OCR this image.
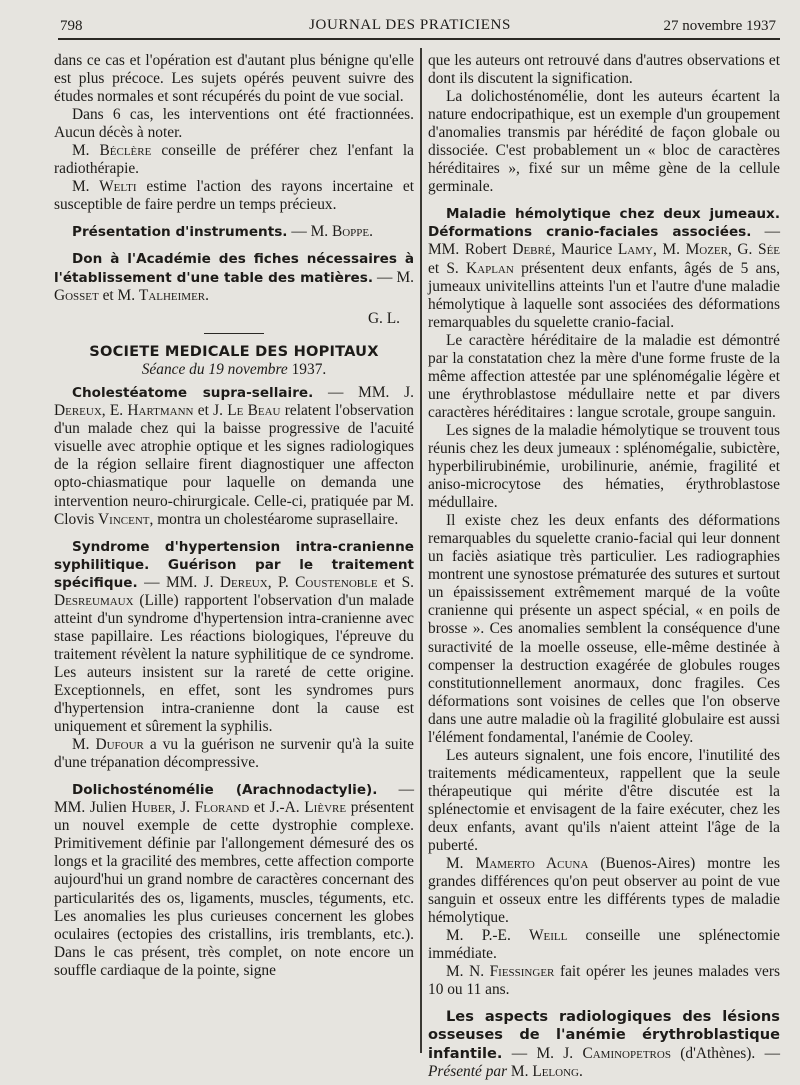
798	JOURNAL DES PRATICIENS	27 novembre 1937

dans ce cas et l'opération est d'autant plus bénigne qu'elle est plus précoce. Les sujets opérés peuvent suivre des études normales et sont récupérés du point de vue social.

Dans 6 cas, les interventions ont été fractionnées. Aucun décès à noter.

M. Béclère conseille de préférer chez l'enfant la radiothérapie.

M. Welti estime l'action des rayons incertaine et susceptible de faire perdre un temps précieux.

Présentation d'instruments. — M. Boppe.

Don à l'Académie des fiches nécessaires à l'établissement d'une table des matières. — M. Gosset et M. Talheimer.

G. L.

SOCIETE MEDICALE DES HOPITAUX

Séance du 19 novembre 1937.

Cholestéatome supra-sellaire. — MM. J. Dereux, E. Hartmann et J. Le Beau relatent l'observation d'un malade chez qui la baisse progressive de l'acuité visuelle avec atrophie optique et les signes radiologiques de la région sellaire firent diagnostiquer une affecton opto-chiasmatique pour laquelle on demanda une intervention neuro-chirurgicale. Celle-ci, pratiquée par M. Clovis Vincent, montra un cholestéarome suprasellaire.

Syndrome d'hypertension intra-cranienne syphilitique. Guérison par le traitement spécifique. — MM. J. Dereux, P. Coustenoble et S. Desreumaux (Lille) rapportent l'observation d'un malade atteint d'un syndrome d'hypertension intra-cranienne avec stase papillaire. Les réactions biologiques, l'épreuve du traitement révèlent la nature syphilitique de ce syndrome. Les auteurs insistent sur la rareté de cette origine. Exceptionnels, en effet, sont les syndromes purs d'hypertension intra-cranienne dont la cause est uniquement et sûrement la syphilis.

M. Dufour a vu la guérison ne survenir qu'à la suite d'une trépanation décompressive.

Dolichosténomélie (Arachnodactylie). — MM. Julien Huber, J. Florand et J.-A. Lièvre présentent un nouvel exemple de cette dystrophie complexe. Primitivement définie par l'allongement démesuré des os longs et la gracilité des membres, cette affection comporte aujourd'hui un grand nombre de caractères concernant des particularités des os, ligaments, muscles, téguments, etc. Les anomalies les plus curieuses concernent les globes oculaires (ectopies des cristallins, iris tremblants, etc.). Dans le cas présent, très complet, on note encore un souffle cardiaque de la pointe, signe

que les auteurs ont retrouvé dans d'autres observations et dont ils discutent la signification.

La dolichosténomélie, dont les auteurs écartent la nature endocripathique, est un exemple d'un groupement d'anomalies transmis par hérédité de façon globale ou dissociée. C'est probablement un « bloc de caractères héréditaires », fixé sur un même gène de la cellule germinale.

Maladie hémolytique chez deux jumeaux. Déformations cranio-faciales associées. — MM. Robert Debré, Maurice Lamy, M. Mozer, G. Sée et S. Kaplan présentent deux enfants, âgés de 5 ans, jumeaux univitellins atteints l'un et l'autre d'une maladie hémolytique à laquelle sont associées des déformations remarquables du squelette cranio-facial.

Le caractère héréditaire de la maladie est démontré par la constatation chez la mère d'une forme fruste de la même affection attestée par une splénomégalie légère et une érythroblastose médullaire nette et par divers caractères héréditaires : langue scrotale, groupe sanguin.

Les signes de la maladie hémolytique se trouvent tous réunis chez les deux jumeaux : splénomégalie, subictère, hyperbilirubinémie, urobilinurie, anémie, fragilité et aniso-microcytose des hématies, érythroblastose médullaire.

Il existe chez les deux enfants des déformations remarquables du squelette cranio-facial qui leur donnent un faciès asiatique très particulier. Les radiographies montrent une synostose prématurée des sutures et surtout un épaississement extrêmement marqué de la voûte cranienne qui présente un aspect spécial, « en poils de brosse ». Ces anomalies semblent la conséquence d'une suractivité de la moelle osseuse, elle-même destinée à compenser la destruction exagérée de globules rouges constitutionnellement anormaux, donc fragiles. Ces déformations sont voisines de celles que l'on observe dans une autre maladie où la fragilité globulaire est aussi l'élément fondamental, l'anémie de Cooley.

Les auteurs signalent, une fois encore, l'inutilité des traitements médicamenteux, rappellent que la seule thérapeutique qui mérite d'être discutée est la splénectomie et envisagent de la faire exécuter, chez les deux enfants, avant qu'ils n'aient atteint l'âge de la puberté.

M. Mamerto Acuna (Buenos-Aires) montre les grandes différences qu'on peut observer au point de vue sanguin et osseux entre les différents types de maladie hémolytique.

M. P.-E. Weill conseille une splénectomie immédiate.

M. N. Fiessinger fait opérer les jeunes malades vers 10 ou 11 ans.

Les aspects radiologiques des lésions osseuses de l'anémie érythroblastique infantile. — M. J. Caminopetros (d'Athènes). — Présenté par M. Lelong.
